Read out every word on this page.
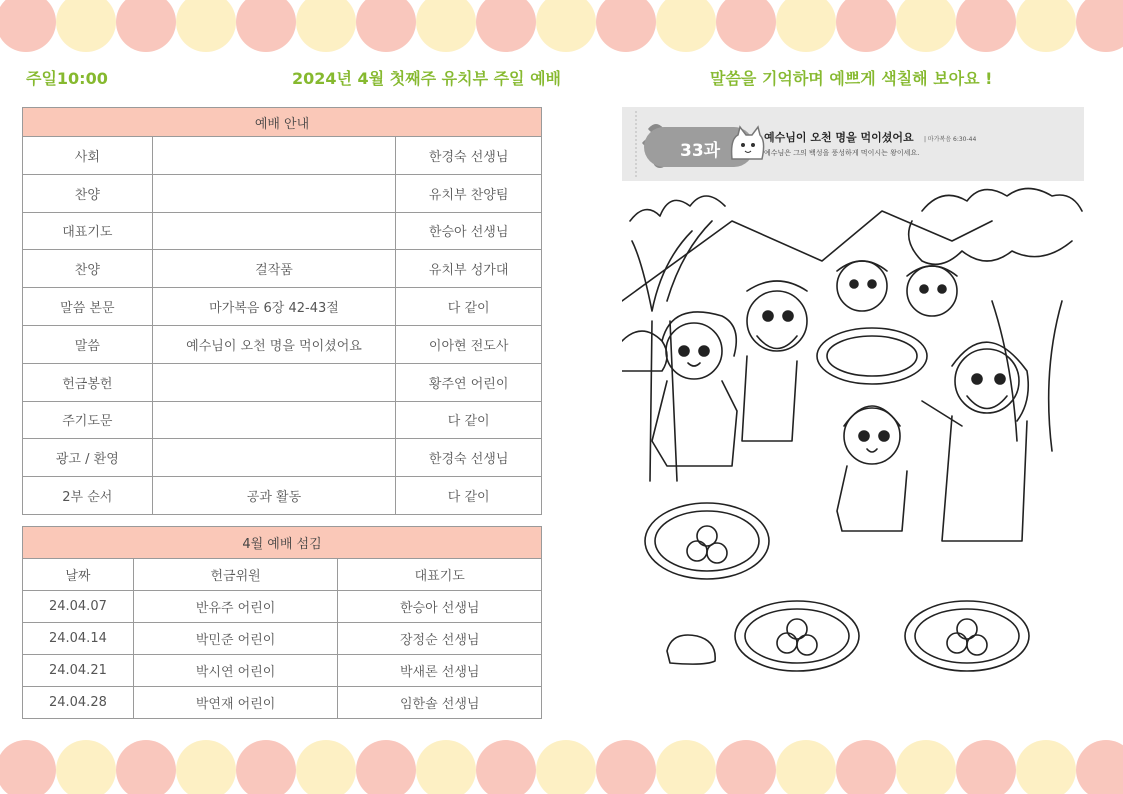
주일10:00	2024년 4월 첫째주 유치부 주일 예배	말씀을 기억하며 예쁘게 색칠해 보아요 !
예배 안내		
사회		한경숙 선생님
찬양		유치부 찬양팀
대표기도		한승아 선생님
찬양	걸작품	유치부 성가대
말씀 본문	마가복음 6장 42-43절	다 같이
말씀	예수님이 오천 명을 먹이셨어요	이아현 전도사
헌금봉헌		황주연 어린이
주기도문		다 같이
광고 / 환영		한경숙 선생님
2부 순서	공과 활동	다 같이
4월 예배 섬김		
날짜	헌금위원	대표기도
24.04.07	반유주 어린이	한승아 선생님
24.04.14	박민준 어린이	장정순 선생님
24.04.21	박시연 어린이	박새론 선생님
24.04.28	박연재 어린이	임한솔 선생님
33과
예수님이 오천 명을 먹이셨어요 | 마가복음 6:30-44
예수님은 그의 백성을 풍성하게 먹이시는 왕이세요.
